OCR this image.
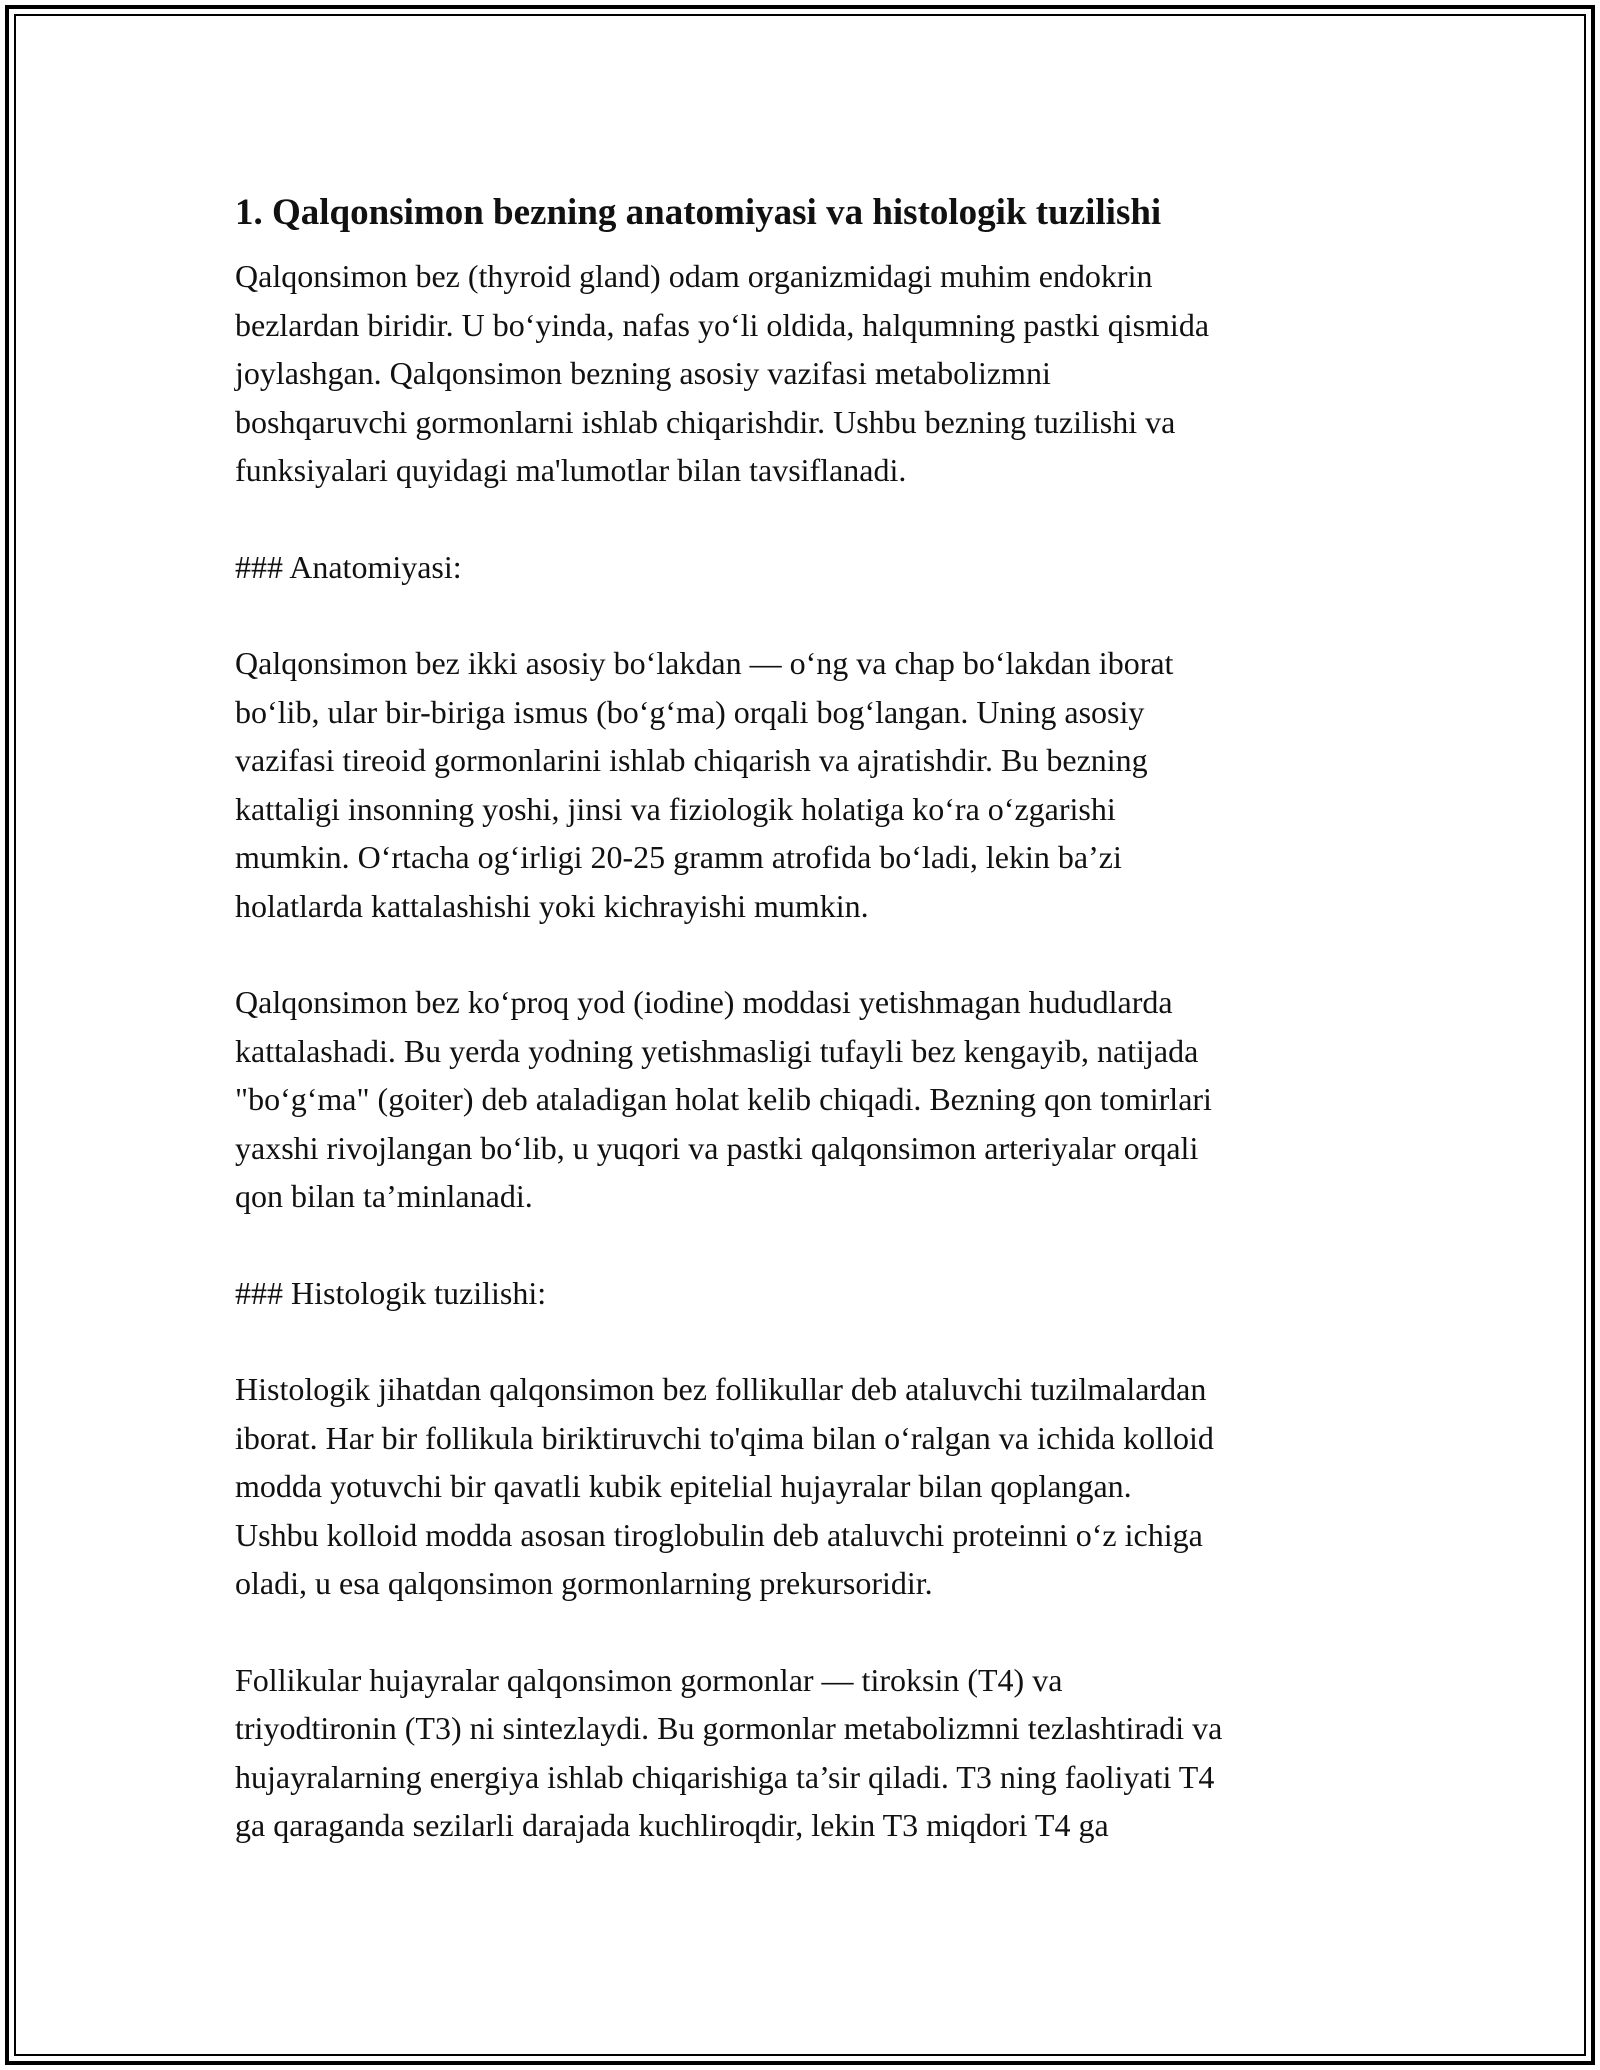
1. Qalqonsimon bezning anatomiyasi va histologik tuzilishi

Qalqonsimon bez (thyroid gland) odam organizmidagi muhim endokrin
bezlardan biridir. U bo‘yinda, nafas yo‘li oldida, halqumning pastki qismida
joylashgan. Qalqonsimon bezning asosiy vazifasi metabolizmni
boshqaruvchi gormonlarni ishlab chiqarishdir. Ushbu bezning tuzilishi va
funksiyalari quyidagi ma'lumotlar bilan tavsiflanadi.

### Anatomiyasi:

Qalqonsimon bez ikki asosiy bo‘lakdan — o‘ng va chap bo‘lakdan iborat
bo‘lib, ular bir-biriga ismus (bo‘g‘ma) orqali bog‘langan. Uning asosiy
vazifasi tireoid gormonlarini ishlab chiqarish va ajratishdir. Bu bezning
kattaligi insonning yoshi, jinsi va fiziologik holatiga ko‘ra o‘zgarishi
mumkin. O‘rtacha og‘irligi 20-25 gramm atrofida bo‘ladi, lekin ba’zi
holatlarda kattalashishi yoki kichrayishi mumkin.

Qalqonsimon bez ko‘proq yod (iodine) moddasi yetishmagan hududlarda
kattalashadi. Bu yerda yodning yetishmasligi tufayli bez kengayib, natijada
"bo‘g‘ma" (goiter) deb ataladigan holat kelib chiqadi. Bezning qon tomirlari
yaxshi rivojlangan bo‘lib, u yuqori va pastki qalqonsimon arteriyalar orqali
qon bilan ta’minlanadi.

### Histologik tuzilishi:

Histologik jihatdan qalqonsimon bez follikullar deb ataluvchi tuzilmalardan
iborat. Har bir follikula biriktiruvchi to'qima bilan o‘ralgan va ichida kolloid
modda yotuvchi bir qavatli kubik epitelial hujayralar bilan qoplangan.
Ushbu kolloid modda asosan tiroglobulin deb ataluvchi proteinni o‘z ichiga
oladi, u esa qalqonsimon gormonlarning prekursoridir.

Follikular hujayralar qalqonsimon gormonlar — tiroksin (T4) va
triyodtironin (T3) ni sintezlaydi. Bu gormonlar metabolizmni tezlashtiradi va
hujayralarning energiya ishlab chiqarishiga ta’sir qiladi. T3 ning faoliyati T4
ga qaraganda sezilarli darajada kuchliroqdir, lekin T3 miqdori T4 ga
